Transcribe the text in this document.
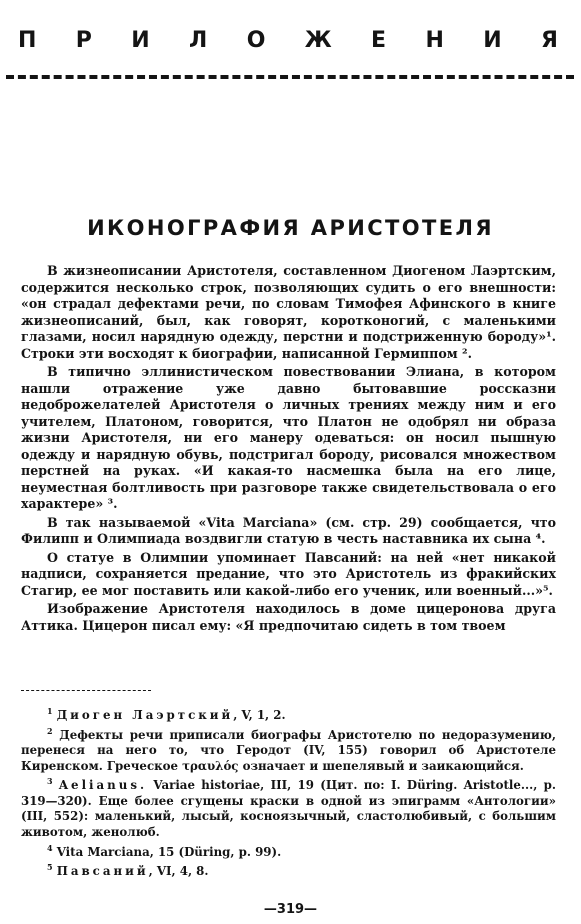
П Р И Л О Ж Е Н И Я
ИКОНОГРАФИЯ АРИСТОТЕЛЯ

В жизнеописании Аристотеля, составленном Диогеном Лаэртским, содержится несколько строк, позволяющих судить о его внешности: «он страдал дефектами речи, по словам Тимофея Афинского в книге жизнеописаний, был, как говорят, коротконогий, с маленькими глазами, носил нарядную одежду, перстни и подстриженную бороду»¹. Строки эти восходят к биографии, написанной Гермиппом ².

В типично эллинистическом повествовании Элиана, в котором нашли отражение уже давно бытовавшие россказни недоброжелателей Аристотеля о личных трениях между ним и его учителем, Платоном, говорится, что Платон не одобрял ни образа жизни Аристотеля, ни его манеру одеваться: он носил пышную одежду и нарядную обувь, подстригал бороду, рисовался множеством перстней на руках. «И какая-то насмешка была на его лице, неуместная болтливость при разговоре также свидетельствовала о его характере» ³.

В так называемой «Vita Marciana» (см. стр. 29) сообщается, что Филипп и Олимпиада воздвигли статую в честь наставника их сына ⁴.

О статуе в Олимпии упоминает Павсаний: на ней «нет никакой надписи, сохраняется предание, что это Аристотель из фракийских Стагир, ее мог поставить или какой-либо его ученик, или военный...»⁵.

Изображение Аристотеля находилось в доме цицеронова друга Аттика. Цицерон писал ему: «Я предпочитаю сидеть в том твоем

$^1$ Диоген Лаэртский, V, 1, 2.

$^2$ Дефекты речи приписали биографы Аристотелю по недоразумению, перенеся на него то, что Геродот (IV, 155) говорил об Аристотеле Киренском. Греческое τραυλός означает и шепелявый и заикающийся.

$^3$ Aelianus. Variae historiae, III, 19 (Цит. по: I. Düring. Aristotle..., p. 319—320). Еще более сгущены краски в одной из эпиграмм «Антологии» (III, 552): маленький, лысый, косноязычный, сластолюбивый, с большим животом, женолюб.

$^4$ Vita Marciana, 15 (Düring, p. 99).

$^5$ Павсаний, VI, 4, 8.

—319—
